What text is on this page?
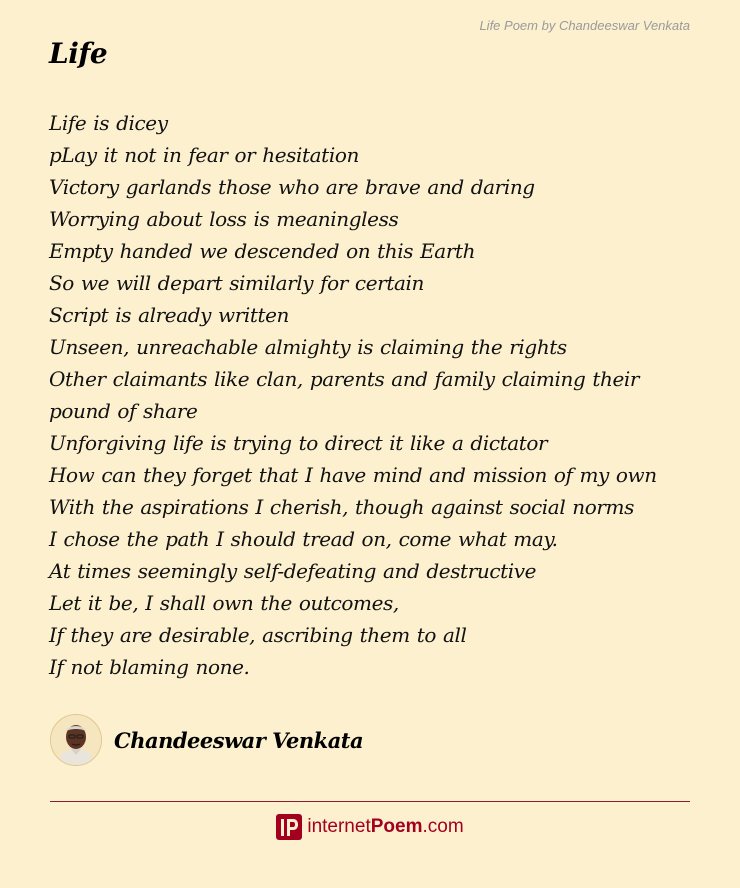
Life Poem by Chandeeswar Venkata
Life
Life is dicey
pLay it not in fear or hesitation
Victory garlands those who are brave and daring
Worrying about loss is meaningless
Empty handed we descended on this Earth
So we will depart similarly for certain
Script is already written
Unseen, unreachable almighty is claiming the rights
Other claimants like clan, parents and family claiming their pound of share
Unforgiving life is trying to direct it like a dictator
How can they forget that I have mind and mission of my own
With the aspirations I cherish, though against social norms
I chose the path I should tread on, come what may.
At times seemingly self-defeating and destructive
Let it be, I shall own the outcomes,
If they are desirable, ascribing them to all
If not blaming none.
Chandeeswar Venkata
internetPoem.com
